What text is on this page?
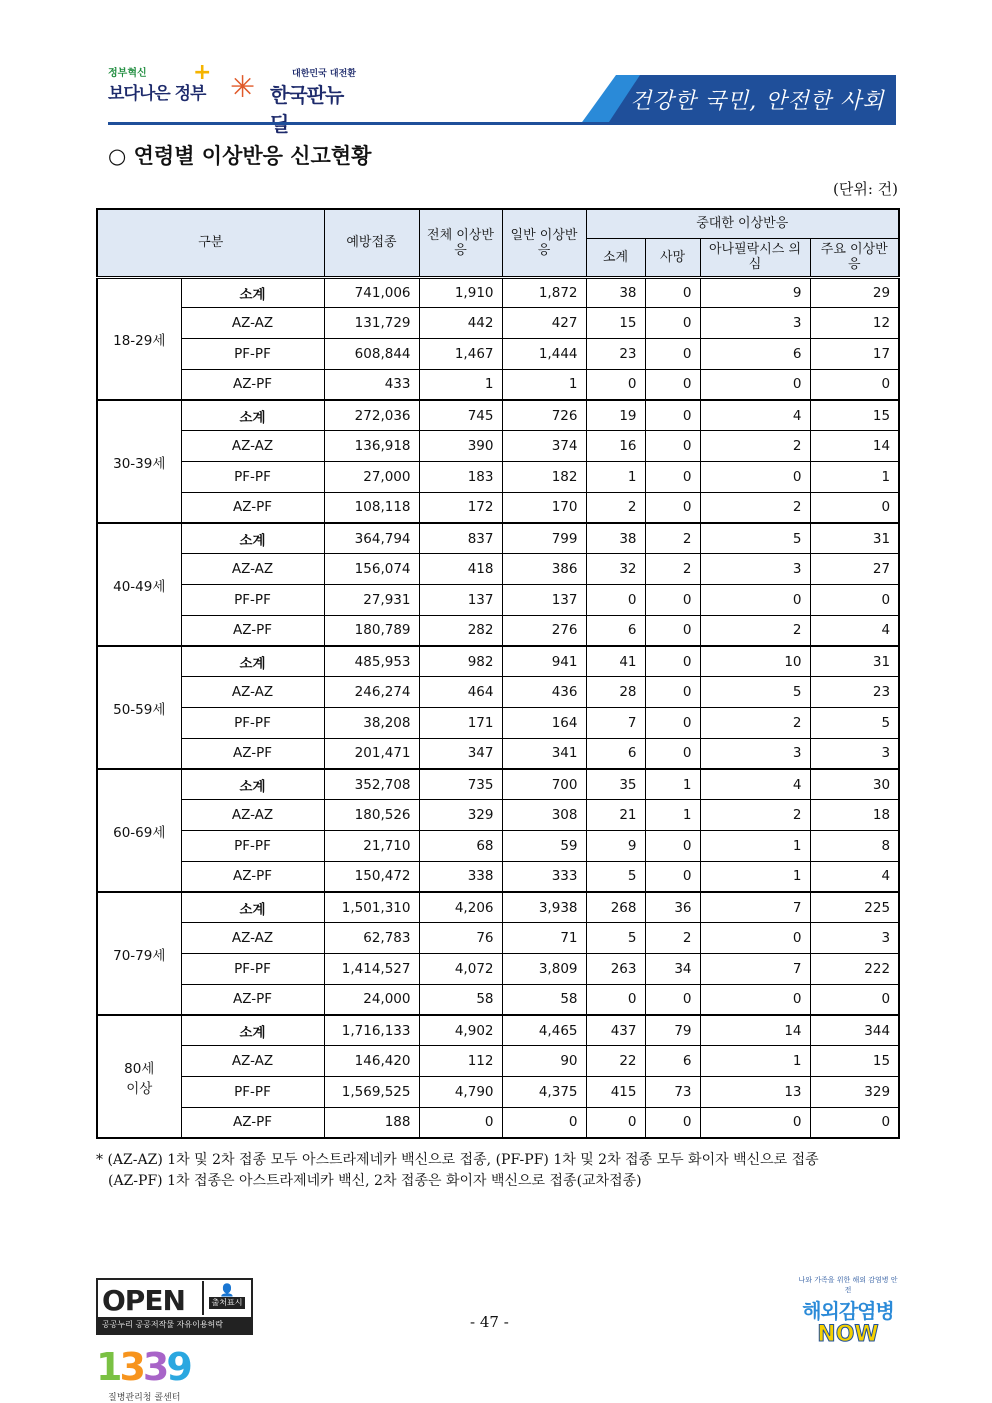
정부혁신
보다나은 정부
+ ✳	대한민국 대전환
한국판뉴딜
건강한 국민, 안전한 사회
○ 연령별 이상반응 신고현황
(단위: 건)
구분		예방접종	전체 이상반응	일반 이상반응	중대한 이상반응			
					소계	사망	아나필락시스 의심	주요 이상반응
18-29세	소계	741,006	1,910	1,872	38	0	9	29
	AZ-AZ	131,729	442	427	15	0	3	12
	PF-PF	608,844	1,467	1,444	23	0	6	17
	AZ-PF	433	1	1	0	0	0	0
30-39세	소계	272,036	745	726	19	0	4	15
	AZ-AZ	136,918	390	374	16	0	2	14
	PF-PF	27,000	183	182	1	0	0	1
	AZ-PF	108,118	172	170	2	0	2	0
40-49세	소계	364,794	837	799	38	2	5	31
	AZ-AZ	156,074	418	386	32	2	3	27
	PF-PF	27,931	137	137	0	0	0	0
	AZ-PF	180,789	282	276	6	0	2	4
50-59세	소계	485,953	982	941	41	0	10	31
	AZ-AZ	246,274	464	436	28	0	5	23
	PF-PF	38,208	171	164	7	0	2	5
	AZ-PF	201,471	347	341	6	0	3	3
60-69세	소계	352,708	735	700	35	1	4	30
	AZ-AZ	180,526	329	308	21	1	2	18
	PF-PF	21,710	68	59	9	0	1	8
	AZ-PF	150,472	338	333	5	0	1	4
70-79세	소계	1,501,310	4,206	3,938	268	36	7	225
	AZ-AZ	62,783	76	71	5	2	0	3
	PF-PF	1,414,527	4,072	3,809	263	34	7	222
	AZ-PF	24,000	58	58	0	0	0	0
80세 이상	소계	1,716,133	4,902	4,465	437	79	14	344
	AZ-AZ	146,420	112	90	22	6	1	15
	PF-PF	1,569,525	4,790	4,375	415	73	13	329
	AZ-PF	188	0	0	0	0	0	0
* (AZ-AZ) 1차 및 2차 접종 모두 아스트라제네카 백신으로 접종, (PF-PF) 1차 및 2차 접종 모두 화이자 백신으로 접종
(AZ-PF) 1차 접종은 아스트라제네카 백신, 2차 접종은 화이자 백신으로 접종(교차접종)
OPEN	👤
출처표시
공공누리 공공저작물 자유이용허락
1339
질병관리청 콜센터
- 47 -
나와 가족을 위한 해외 감염병 안전
해외감염병
NOW
